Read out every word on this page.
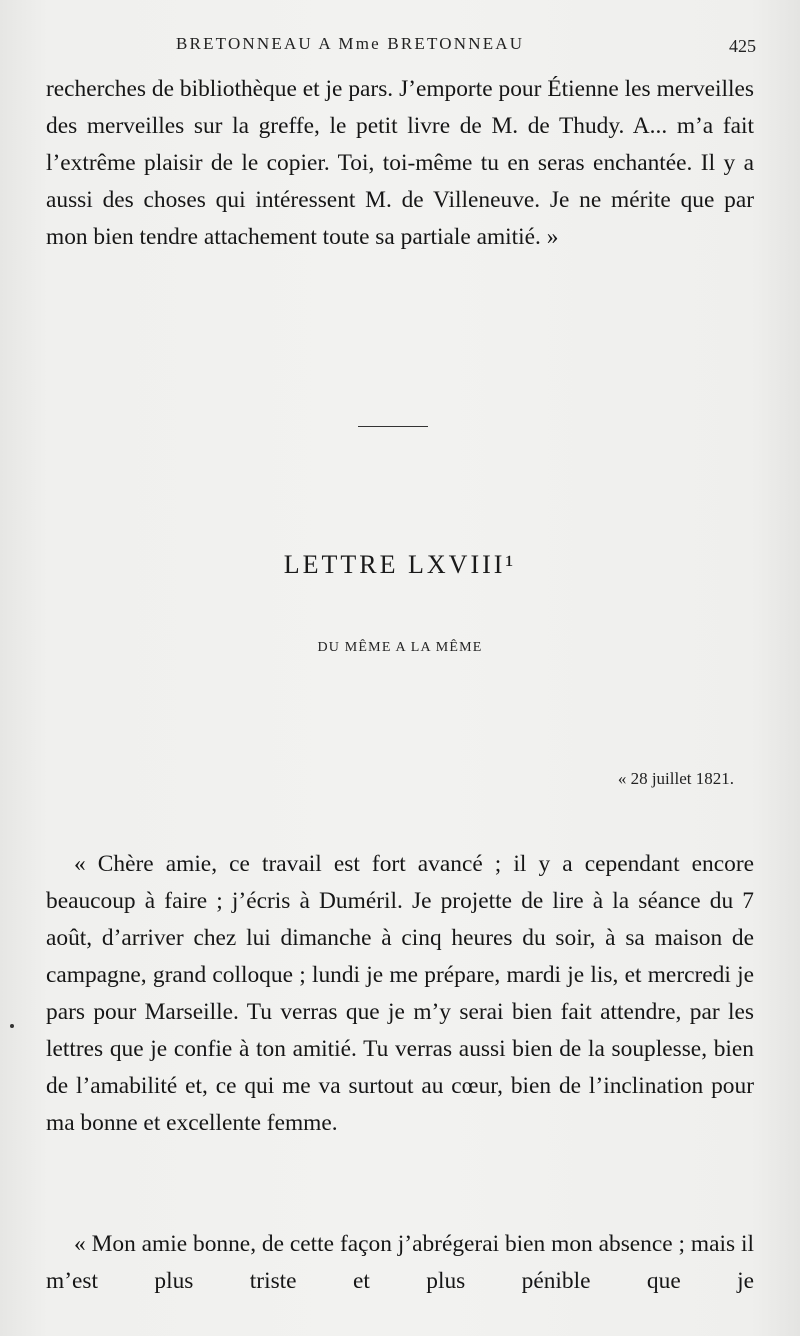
BRETONNEAU A Mme BRETONNEAU	425

recherches de bibliothèque et je pars. J’emporte pour Étienne les merveilles des merveilles sur la greffe, le petit livre de M. de Thudy. A... m’a fait l’extrême plaisir de le copier. Toi, toi-même tu en seras enchantée. Il y a aussi des choses qui intéressent M. de Villeneuve. Je ne mérite que par mon bien tendre attachement toute sa partiale amitié. »

LETTRE LXVIII¹
DU MÊME A LA MÊME
« 28 juillet 1821.

« Chère amie, ce travail est fort avancé ; il y a cependant encore beaucoup à faire ; j’écris à Duméril. Je projette de lire à la séance du 7 août, d’arriver chez lui dimanche à cinq heures du soir, à sa maison de campagne, grand colloque ; lundi je me prépare, mardi je lis, et mercredi je pars pour Marseille. Tu verras que je m’y serai bien fait attendre, par les lettres que je confie à ton amitié. Tu verras aussi bien de la souplesse, bien de l’amabilité et, ce qui me va surtout au cœur, bien de l’inclination pour ma bonne et excellente femme.

« Mon amie bonne, de cette façon j’abrégerai bien mon absence ; mais il m’est plus triste et plus pénible que je
